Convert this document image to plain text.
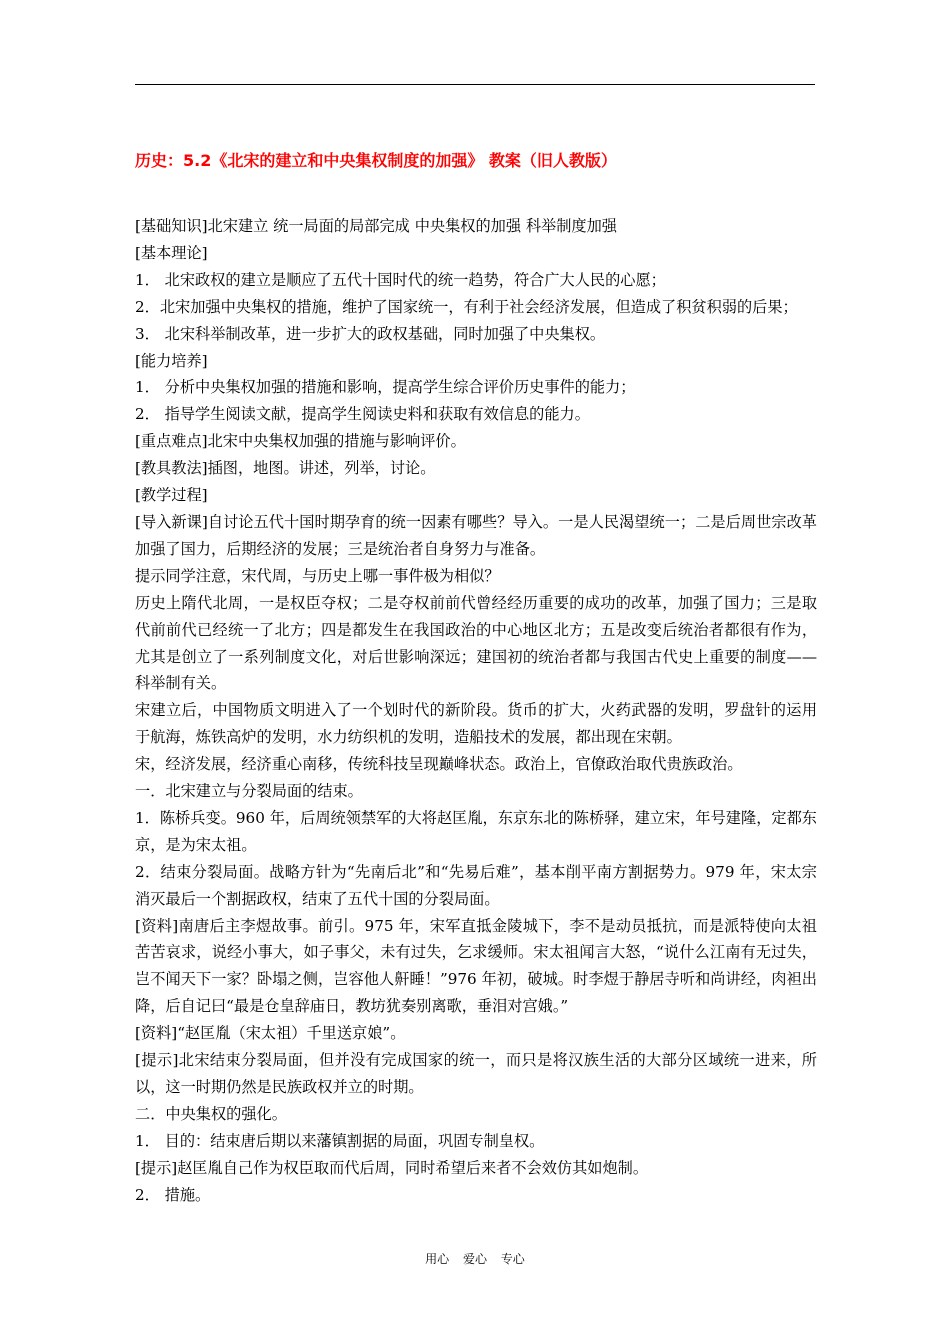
历史：5.2《北宋的建立和中央集权制度的加强》 教案（旧人教版）

[基础知识]北宋建立 统一局面的局部完成 中央集权的加强 科举制度加强

[基本理论]

1． 北宋政权的建立是顺应了五代十国时代的统一趋势，符合广大人民的心愿；

2．北宋加强中央集权的措施，维护了国家统一，有利于社会经济发展，但造成了积贫积弱的后果；

3． 北宋科举制改革，进一步扩大的政权基础，同时加强了中央集权。

[能力培养]

1． 分析中央集权加强的措施和影响，提高学生综合评价历史事件的能力；

2． 指导学生阅读文献，提高学生阅读史料和获取有效信息的能力。

[重点难点]北宋中央集权加强的措施与影响评价。

[教具教法]插图，地图。讲述，列举，讨论。

[教学过程]

[导入新课]自讨论五代十国时期孕育的统一因素有哪些？导入。一是人民渴望统一；二是后周世宗改革加强了国力，后期经济的发展；三是统治者自身努力与准备。

提示同学注意，宋代周，与历史上哪一事件极为相似？

历史上隋代北周，一是权臣夺权；二是夺权前前代曾经经历重要的成功的改革，加强了国力；三是取代前前代已经统一了北方；四是都发生在我国政治的中心地区北方；五是改变后统治者都很有作为，尤其是创立了一系列制度文化，对后世影响深远；建国初的统治者都与我国古代史上重要的制度——科举制有关。

宋建立后，中国物质文明进入了一个划时代的新阶段。货币的扩大，火药武器的发明，罗盘针的运用于航海，炼铁高炉的发明，水力纺织机的发明，造船技术的发展，都出现在宋朝。

宋，经济发展，经济重心南移，传统科技呈现巅峰状态。政治上，官僚政治取代贵族政治。

一．北宋建立与分裂局面的结束。

1．陈桥兵变。960 年，后周统领禁军的大将赵匡胤，东京东北的陈桥驿，建立宋，年号建隆，定都东京，是为宋太祖。

2．结束分裂局面。战略方针为“先南后北”和“先易后难”，基本削平南方割据势力。979 年，宋太宗消灭最后一个割据政权，结束了五代十国的分裂局面。

[资料]南唐后主李煜故事。前引。975 年，宋军直抵金陵城下，李不是动员抵抗，而是派特使向太祖苦苦哀求，说经小事大，如子事父，未有过失，乞求缓师。宋太祖闻言大怒，“说什么江南有无过失，岂不闻天下一家？卧塌之侧，岂容他人鼾睡！”976 年初，破城。时李煜于静居寺听和尚讲经，肉袒出降，后自记曰“最是仓皇辞庙日，教坊犹奏别离歌，垂泪对宫娥。”

[资料]“赵匡胤（宋太祖）千里送京娘”。

[提示]北宋结束分裂局面，但并没有完成国家的统一，而只是将汉族生活的大部分区域统一进来，所以，这一时期仍然是民族政权并立的时期。

二．中央集权的强化。

1． 目的：结束唐后期以来藩镇割据的局面，巩固专制皇权。

[提示]赵匡胤自己作为权臣取而代后周，同时希望后来者不会效仿其如炮制。

2． 措施。

用心 爱心 专心
